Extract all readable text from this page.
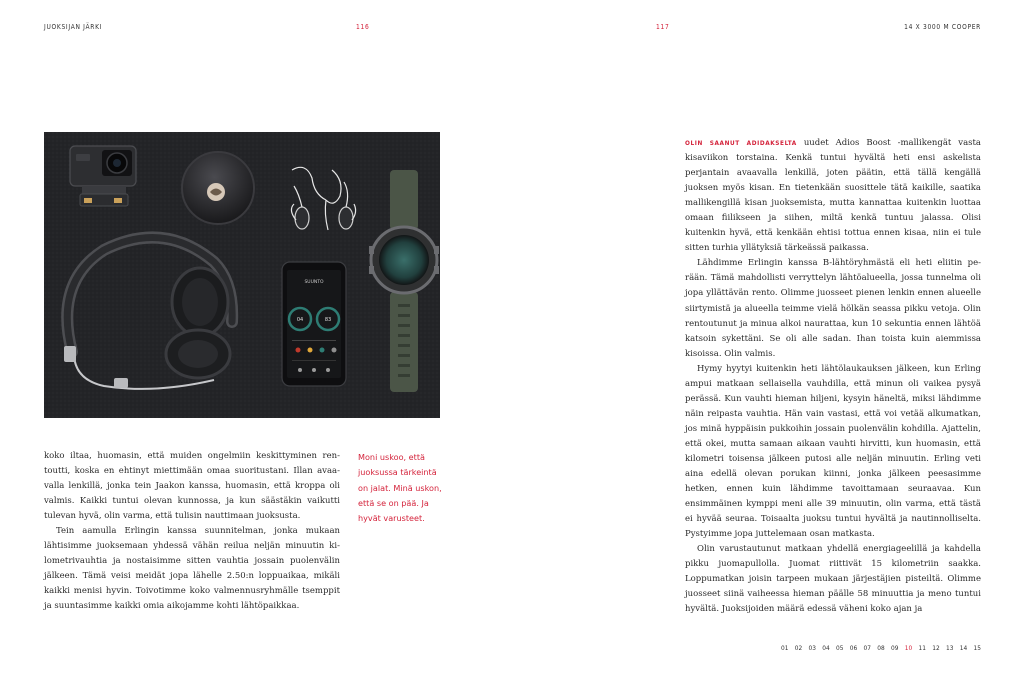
JUOKSIJAN JÄRKI	116	117	14 X 3000 M COOPER
SUUNTO
04	83

koko iltaa, huomasin, että muiden ongelmiin keskittyminen rentoutti, koska en ehtinyt miettimään omaa suoritustani. Illan avaavalla lenkillä, jonka tein Jaakon kanssa, huomasin, että kroppa oli valmis. Kaikki tuntui olevan kunnossa, ja kun säästäkin vaikutti tulevan hyvä, olin varma, että tulisin nauttimaan juoksusta.

Tein aamulla Erlingin kanssa suunnitelman, jonka mukaan lähtisimme juoksemaan yhdessä vähän reilua neljän minuutin kilometrivauhtia ja nostaisimme sitten vauhtia jossain puolenvälin jälkeen. Tämä veisi meidät jopa lähelle 2.50:n loppuaikaa, mikäli kaikki menisi hyvin. Toivotimme koko valmennusryhmälle tsemppit ja suuntasimme kaikki omia aikojamme kohti lähtöpaikkaa.

Moni uskoo, että juoksussa tärkeintä on jalat. Minä uskon, että se on pää. Ja hyvät varusteet.

OLIN SAANUT ADIDAKSELTA uudet Adios Boost -mallikengät vasta kisaviikon torstaina. Kenkä tuntui hyvältä heti ensi askelista perjantain avaavalla lenkillä, joten päätin, että tällä kengällä juoksen myös kisan. En tietenkään suosittele tätä kaikille, saatika mallikengillä kisan juoksemista, mutta kannattaa kuitenkin luottaa omaan fiilikseen ja siihen, miltä kenkä tuntuu jalassa. Olisi kuitenkin hyvä, että kenkään ehtisi tottua ennen kisaa, niin ei tule sitten turhia yllätyksiä tärkeässä paikassa.

Lähdimme Erlingin kanssa B-lähtöryhmästä eli heti eliitin perään. Tämä mahdollisti verryttelyn lähtöalueella, jossa tunnelma oli jopa yllättävän rento. Olimme juosseet pienen lenkin ennen alueelle siirtymistä ja alueella teimme vielä hölkän seassa pikku vetoja. Olin rentoutunut ja minua alkoi naurattaa, kun 10 sekuntia ennen lähtöä katsoin sykettäni. Se oli alle sadan. Ihan toista kuin aiemmissa kisoissa. Olin valmis.

Hymy hyytyi kuitenkin heti lähtölaukauksen jälkeen, kun Erling ampui matkaan sellaisella vauhdilla, että minun oli vaikea pysyä perässä. Kun vauhti hieman hiljeni, kysyin häneltä, miksi lähdimme näin reipasta vauhtia. Hän vain vastasi, että voi vetää alkumatkan, jos minä hyppäisin pukkoihin jossain puolenvälin kohdilla. Ajattelin, että okei, mutta samaan aikaan vauhti hirvitti, kun huomasin, että kilometri toisensa jälkeen putosi alle neljän minuutin. Erling veti aina edellä olevan porukan kiinni, jonka jälkeen peesasimme hetken, ennen kuin lähdimme tavoittamaan seuraavaa. Kun ensimmäinen kymppi meni alle 39 minuutin, olin varma, että tästä ei hyvää seuraa. Toisaalta juoksu tuntui hyvältä ja nautinnolliselta. Pystyimme jopa juttelemaan osan matkasta.

Olin varustautunut matkaan yhdellä energiageelillä ja kahdella pikku juomapullolla. Juomat riittivät 15 kilometriin saakka. Loppumatkan joisin tarpeen mukaan järjestäjien pisteiltä. Olimme juosseet siinä vaiheessa hieman päälle 58 minuuttia ja meno tuntui hyvältä. Juoksijoiden määrä edessä väheni koko ajan ja

01 02 03 04 05 06 07 08 09 10 11 12 13 14 15
